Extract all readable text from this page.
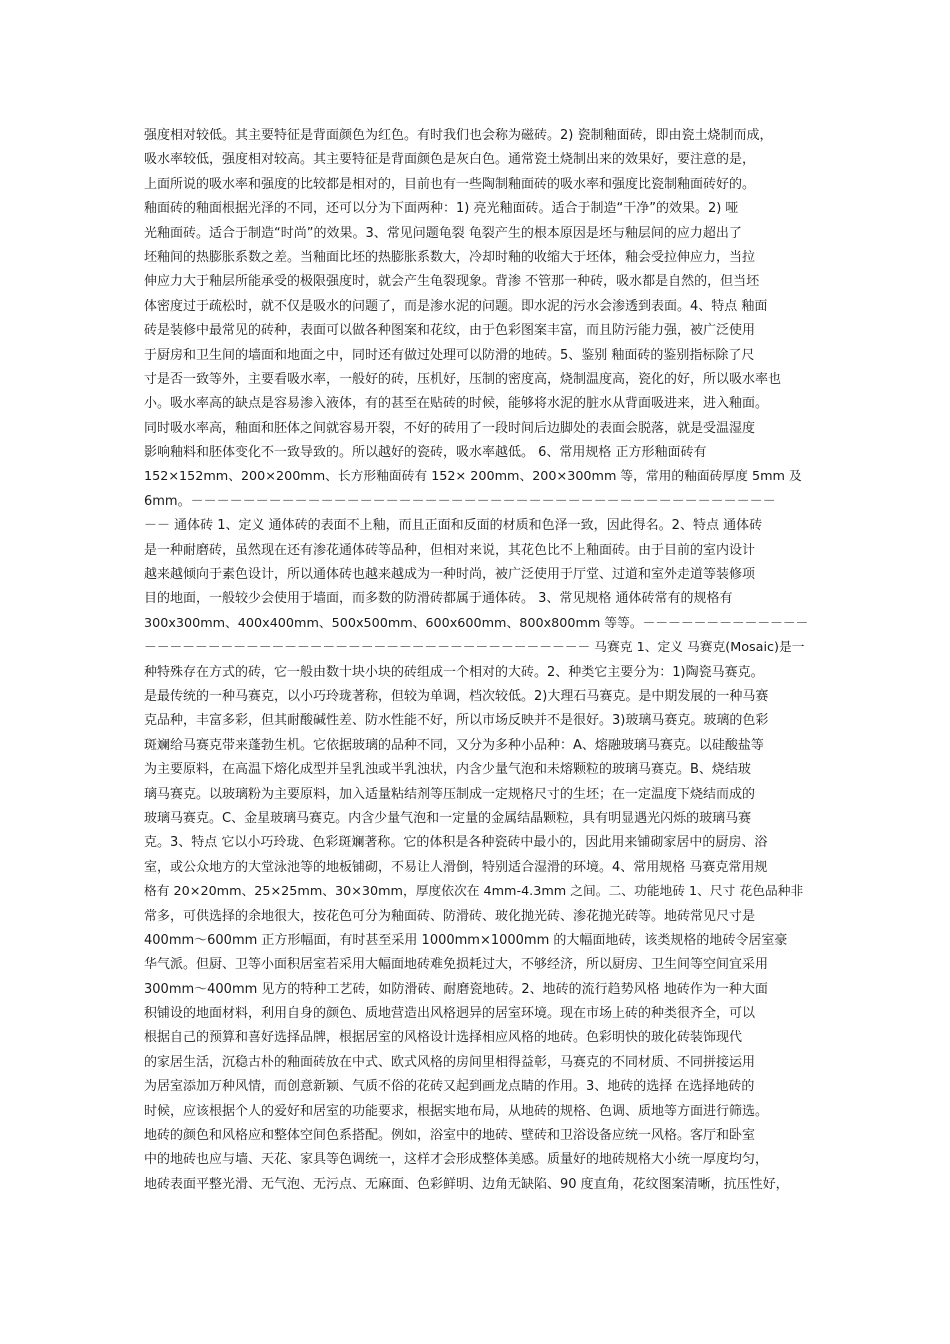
强度相对较低。其主要特征是背面颜色为红色。有时我们也会称为磁砖。2) 瓷制釉面砖，即由瓷土烧制而成，
吸水率较低，强度相对较高。其主要特征是背面颜色是灰白色。通常瓷土烧制出来的效果好，要注意的是，
上面所说的吸水率和强度的比较都是相对的，目前也有一些陶制釉面砖的吸水率和强度比瓷制釉面砖好的。
釉面砖的釉面根据光泽的不同，还可以分为下面两种：1) 亮光釉面砖。适合于制造“干净”的效果。2) 哑
光釉面砖。适合于制造“时尚”的效果。3、常见问题龟裂 龟裂产生的根本原因是坯与釉层间的应力超出了
坯釉间的热膨胀系数之差。当釉面比坯的热膨胀系数大，冷却时釉的收缩大于坯体，釉会受拉伸应力，当拉
伸应力大于釉层所能承受的极限强度时，就会产生龟裂现象。背渗 不管那一种砖，吸水都是自然的，但当坯
体密度过于疏松时，就不仅是吸水的问题了，而是渗水泥的问题。即水泥的污水会渗透到表面。4、特点 釉面
砖是装修中最常见的砖种，表面可以做各种图案和花纹，由于色彩图案丰富，而且防污能力强，被广泛使用
于厨房和卫生间的墙面和地面之中，同时还有做过处理可以防滑的地砖。5、鉴别 釉面砖的鉴别指标除了尺
寸是否一致等外，主要看吸水率，一般好的砖，压机好，压制的密度高，烧制温度高，瓷化的好，所以吸水率也
小。吸水率高的缺点是容易渗入液体，有的甚至在贴砖的时候，能够将水泥的脏水从背面吸进来，进入釉面。
同时吸水率高，釉面和胚体之间就容易开裂，不好的砖用了一段时间后边脚处的表面会脱落，就是受温湿度
影响釉料和胚体变化不一致导致的。所以越好的瓷砖，吸水率越低。 6、常用规格 正方形釉面砖有
152×152mm、200×200mm、长方形釉面砖有 152× 200mm、200×300mm 等，常用的釉面砖厚度 5mm 及
6mm。－－－－－－－－－－－－－－－－－－－－－－－－－－－－－－－－－－－－－－－－－－－－－
－－ 通体砖 1、定义 通体砖的表面不上釉，而且正面和反面的材质和色泽一致，因此得名。2、特点 通体砖
是一种耐磨砖，虽然现在还有渗花通体砖等品种，但相对来说，其花色比不上釉面砖。由于目前的室内设计
越来越倾向于素色设计，所以通体砖也越来越成为一种时尚，被广泛使用于厅堂、过道和室外走道等装修项
目的地面，一般较少会使用于墙面，而多数的防滑砖都属于通体砖。 3、常见规格 通体砖常有的规格有
300x300mm、400x400mm、500x500mm、600x600mm、800x800mm 等等。－－－－－－－－－－－－－
－－－－－－－－－－－－－－－－－－－－－－－－－－－－－－－－－－－ 马赛克 1、定义 马赛克(Mosaic)是一
种特殊存在方式的砖，它一般由数十块小块的砖组成一个相对的大砖。2、种类它主要分为：1)陶瓷马赛克。
是最传统的一种马赛克，以小巧玲珑著称，但较为单调，档次较低。2)大理石马赛克。是中期发展的一种马赛
克品种，丰富多彩，但其耐酸碱性差、防水性能不好，所以市场反映并不是很好。3)玻璃马赛克。玻璃的色彩
斑斓给马赛克带来蓬勃生机。它依据玻璃的品种不同，又分为多种小品种：A、熔融玻璃马赛克。以硅酸盐等
为主要原料，在高温下熔化成型并呈乳浊或半乳浊状，内含少量气泡和未熔颗粒的玻璃马赛克。B、烧结玻
璃马赛克。以玻璃粉为主要原料，加入适量粘结剂等压制成一定规格尺寸的生坯；在一定温度下烧结而成的
玻璃马赛克。C、金星玻璃马赛克。内含少量气泡和一定量的金属结晶颗粒，具有明显遇光闪烁的玻璃马赛
克。3、特点 它以小巧玲珑、色彩斑斓著称。它的体积是各种瓷砖中最小的，因此用来铺砌家居中的厨房、浴
室，或公众地方的大堂泳池等的地板铺砌，不易让人滑倒，特别适合湿滑的环境。4、常用规格 马赛克常用规
格有 20×20mm、25×25mm、30×30mm，厚度依次在 4mm-4.3mm 之间。二、功能地砖 1、尺寸 花色品种非
常多，可供选择的余地很大，按花色可分为釉面砖、防滑砖、玻化抛光砖、渗花抛光砖等。地砖常见尺寸是
400mm～600mm 正方形幅面，有时甚至采用 1000mm×1000mm 的大幅面地砖，该类规格的地砖令居室豪
华气派。但厨、卫等小面积居室若采用大幅面地砖难免损耗过大，不够经济，所以厨房、卫生间等空间宜采用
300mm～400mm 见方的特种工艺砖，如防滑砖、耐磨瓷地砖。2、地砖的流行趋势风格 地砖作为一种大面
积铺设的地面材料，利用自身的颜色、质地营造出风格迥异的居室环境。现在市场上砖的种类很齐全，可以
根据自己的预算和喜好选择品牌，根据居室的风格设计选择相应风格的地砖。色彩明快的玻化砖装饰现代
的家居生活，沉稳古朴的釉面砖放在中式、欧式风格的房间里相得益彰，马赛克的不同材质、不同拼接运用
为居室添加万种风情，而创意新颖、气质不俗的花砖又起到画龙点睛的作用。3、地砖的选择 在选择地砖的
时候，应该根据个人的爱好和居室的功能要求，根据实地布局，从地砖的规格、色调、质地等方面进行筛选。
地砖的颜色和风格应和整体空间色系搭配。例如，浴室中的地砖、壁砖和卫浴设备应统一风格。客厅和卧室
中的地砖也应与墙、天花、家具等色调统一，这样才会形成整体美感。质量好的地砖规格大小统一厚度均匀，
地砖表面平整光滑、无气泡、无污点、无麻面、色彩鲜明、边角无缺陷、90 度直角，花纹图案清晰，抗压性好，
